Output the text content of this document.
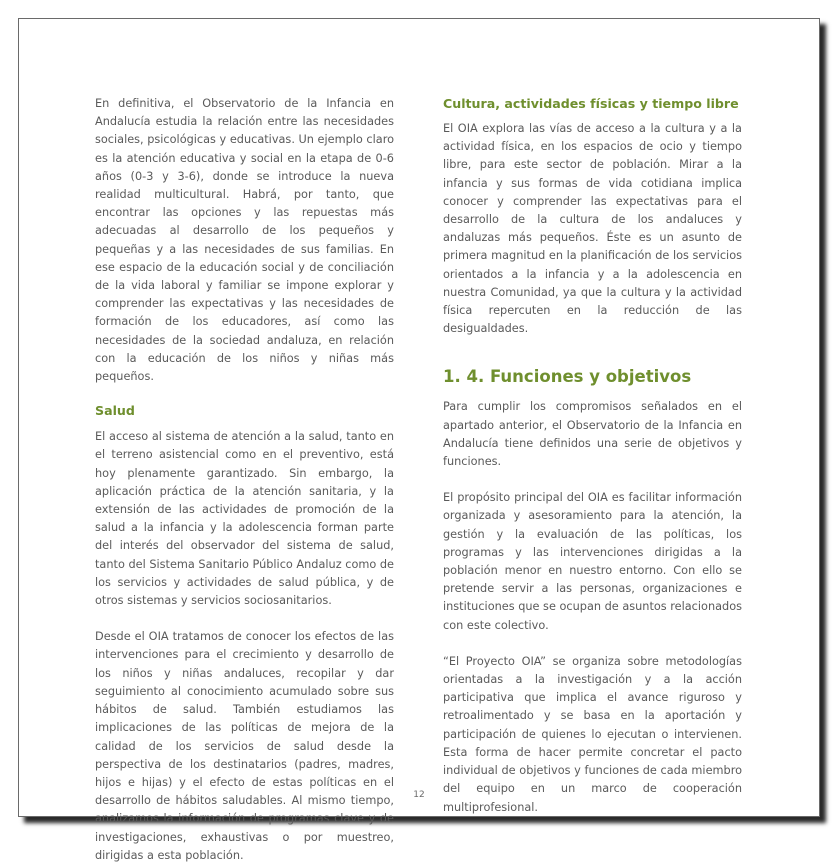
En definitiva, el Observatorio de la Infancia en Andalucía estudia la relación entre las necesidades sociales, psicológicas y educativas. Un ejemplo claro es la atención educativa y social en la etapa de 0-6 años (0-3 y 3-6), donde se introduce la nueva realidad multicultural. Habrá, por tanto, que encontrar las opciones y las repuestas más adecuadas al desarrollo de los pequeños y pequeñas y a las necesidades de sus familias. En ese espacio de la educación social y de conciliación de la vida laboral y familiar se impone explorar y comprender las expectativas y las necesidades de formación de los educadores, así como las necesidades de la sociedad andaluza, en relación con la educación de los niños y niñas más pequeños.

Salud

El acceso al sistema de atención a la salud, tanto en el terreno asistencial como en el preventivo, está hoy plenamente garantizado. Sin embargo, la aplicación práctica de la atención sanitaria, y la extensión de las actividades de promoción de la salud a la infancia y la adolescencia forman parte del interés del observador del sistema de salud, tanto del Sistema Sanitario Público Andaluz como de los servicios y actividades de salud pública, y de otros sistemas y servicios sociosanitarios.

Desde el OIA tratamos de conocer los efectos de las intervenciones para el crecimiento y desarrollo de los niños y niñas andaluces, recopilar y dar seguimiento al conocimiento acumulado sobre sus hábitos de salud. También estudiamos las implicaciones de las políticas de mejora de la calidad de los servicios de salud desde la perspectiva de los destinatarios (padres, madres, hijos e hijas) y el efecto de estas políticas en el desarrollo de hábitos saludables. Al mismo tiempo, analizamos la información de programas clave y de investigaciones, exhaustivas o por muestreo, dirigidas a esta población.

Cultura, actividades físicas y tiempo libre

El OIA explora las vías de acceso a la cultura y a la actividad física, en los espacios de ocio y tiempo libre, para este sector de población. Mirar a la infancia y sus formas de vida cotidiana implica conocer y comprender las expectativas para el desarrollo de la cultura de los andaluces y andaluzas más pequeños. Éste es un asunto de primera magnitud en la planificación de los servicios orientados a la infancia y a la adolescencia en nuestra Comunidad, ya que la cultura y la actividad física repercuten en la reducción de las desigualdades.

1. 4. Funciones y objetivos

Para cumplir los compromisos señalados en el apartado anterior, el Observatorio de la Infancia en Andalucía tiene definidos una serie de objetivos y funciones.

El propósito principal del OIA es facilitar información organizada y asesoramiento para la atención, la gestión y la evaluación de las políticas, los programas y las intervenciones dirigidas a la población menor en nuestro entorno. Con ello se pretende servir a las personas, organizaciones e instituciones que se ocupan de asuntos relacionados con este colectivo.

“El Proyecto OIA” se organiza sobre metodologías orientadas a la investigación y a la acción participativa que implica el avance riguroso y retroalimentado y se basa en la aportación y participación de quienes lo ejecutan o intervienen. Esta forma de hacer permite concretar el pacto individual de objetivos y funciones de cada miembro del equipo en un marco de cooperación multiprofesional.

12
